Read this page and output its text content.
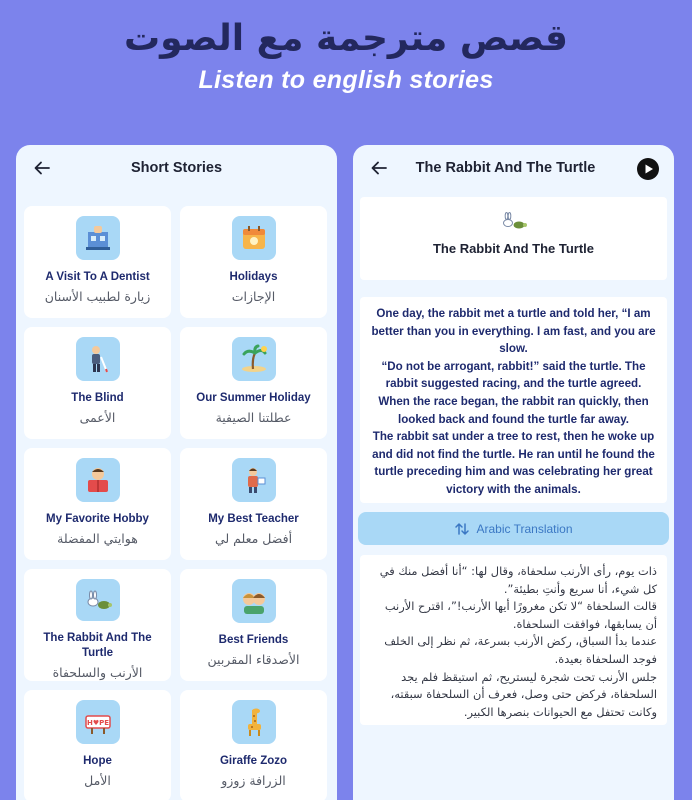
قصص مترجمة مع الصوت
Listen to english stories
Short Stories
A Visit To A Dentist
زيارة لطبيب الأسنان
Holidays
الإجازات
The Blind
الأعمى
Our Summer Holiday
عطلتنا الصيفية
My Favorite Hobby
هوايتي المفضلة
My Best Teacher
أفضل معلم لي
The Rabbit And The Turtle
الأرنب والسلحفاة
Best Friends
الأصدقاء المقربين
H♥PE
Hope
الأمل
Giraffe Zozo
الزرافة زوزو
The Rabbit And The Turtle
The Rabbit And The Turtle
One day, the rabbit met a turtle and told her, “I am better than you in everything. I am fast, and you are slow.
“Do not be arrogant, rabbit!” said the turtle. The rabbit suggested racing, and the turtle agreed.
When the race began, the rabbit ran quickly, then looked back and found the turtle far away.
The rabbit sat under a tree to rest, then he woke up and did not find the turtle. He ran until he found the turtle preceding him and was celebrating her great victory with the animals.
Arabic Translation
ذات يوم، رأى الأرنب سلحفاة، وقال لها: “أنا أفضل منك في كل شيء، أنا سريع وأنتِ بطيئة”.
قالت السلحفاة “لا تكن مغرورًا أيها الأرنب!”، اقترح الأرنب أن يسابقها، فوافقت السلحفاة.
عندما بدأ السباق، ركض الأرنب بسرعة، ثم نظر إلى الخلف فوجد السلحفاة بعيدة.
جلس الأرنب تحت شجرة ليستريح، ثم استيقظ فلم يجد السلحفاة، فركض حتى وصل، فعرف أن السلحفاة سبقته، وكانت تحتفل مع الحيوانات بنصرها الكبير.
